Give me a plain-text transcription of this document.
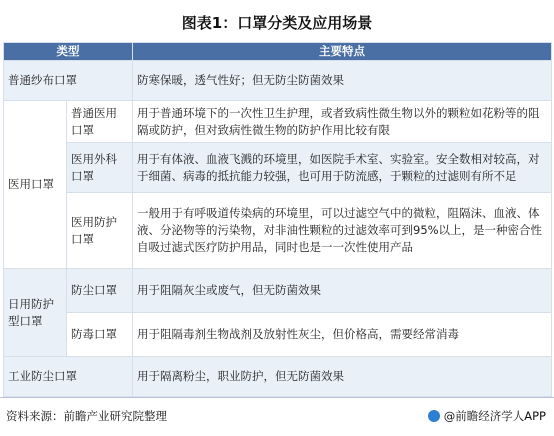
图表1：口罩分类及应用场景
类型		主要特点
普通纱布口罩		防寒保暖，透气性好；但无防尘防菌效果
医用口罩	普通医用口罩	用于普通环境下的一次性卫生护理，或者致病性微生物以外的颗粒如花粉等的阻隔或防护，但对致病性微生物的防护作用比较有限
	医用外科口罩	用于有体液、血液飞溅的环境里，如医院手术室、实验室。安全数相对较高，对于细菌、病毒的抵抗能力较强，也可用于防流感，于颗粒的过滤则有所不足
	医用防护口罩	一般用于有呼吸道传染病的环境里，可以过滤空气中的微粒，阻隔沫、血液、体液、分泌物等的污染物，对非油性颗粒的过滤效率可到95%以上，是一种密合性自吸过滤式医疗防护用品，同时也是一一次性使用产品
日用防护型口罩	防尘口罩	用于阻隔灰尘或废气，但无防菌效果
	防毒口罩	用于阻隔毒剂生物战剂及放射性灰尘，但价格高，需要经常消毒
工业防尘口罩		用于隔离粉尘，职业防护，但无防菌效果
资料来源：前瞻产业研究院整理	@前瞻经济学人APP
